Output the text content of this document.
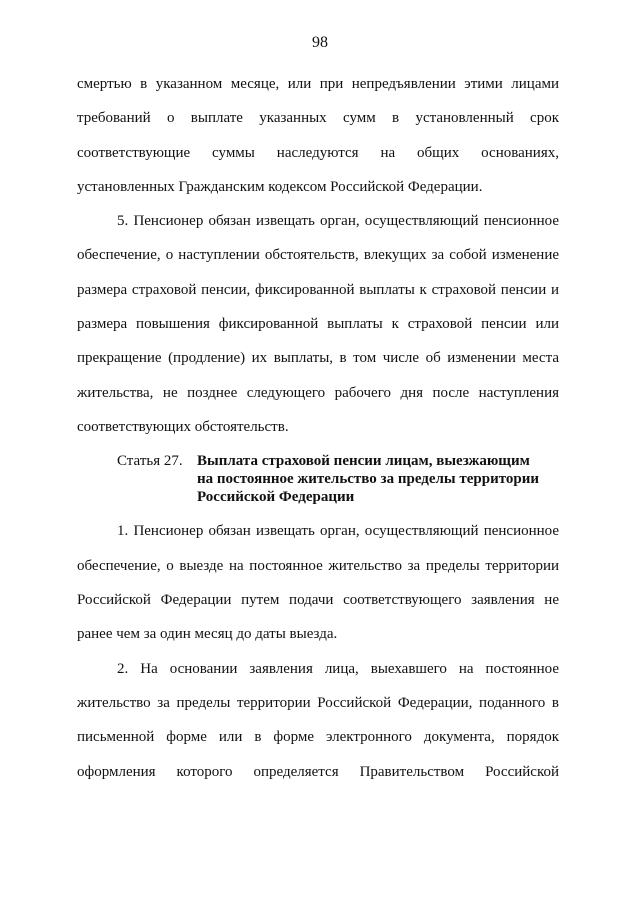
98
смертью в указанном месяце, или при непредъявлении этими лицами
требований о выплате указанных сумм в установленный срок
соответствующие суммы наследуются на общих основаниях,
установленных Гражданским кодексом Российской Федерации.
5. Пенсионер обязан извещать орган, осуществляющий пенсионное
обеспечение, о наступлении обстоятельств, влекущих за собой изменение
размера страховой пенсии, фиксированной выплаты к страховой пенсии и
размера повышения фиксированной выплаты к страховой пенсии или
прекращение (продление) их выплаты, в том числе об изменении места
жительства, не позднее следующего рабочего дня после наступления
соответствующих обстоятельств.
Статья 27. Выплата страховой пенсии лицам, выезжающим
на постоянное жительство за пределы территории
Российской Федерации
1. Пенсионер обязан извещать орган, осуществляющий пенсионное
обеспечение, о выезде на постоянное жительство за пределы территории
Российской Федерации путем подачи соответствующего заявления не
ранее чем за один месяц до даты выезда.
2. На основании заявления лица, выехавшего на постоянное
жительство за пределы территории Российской Федерации, поданного в
письменной форме или в форме электронного документа, порядок
оформления которого определяется Правительством Российской
